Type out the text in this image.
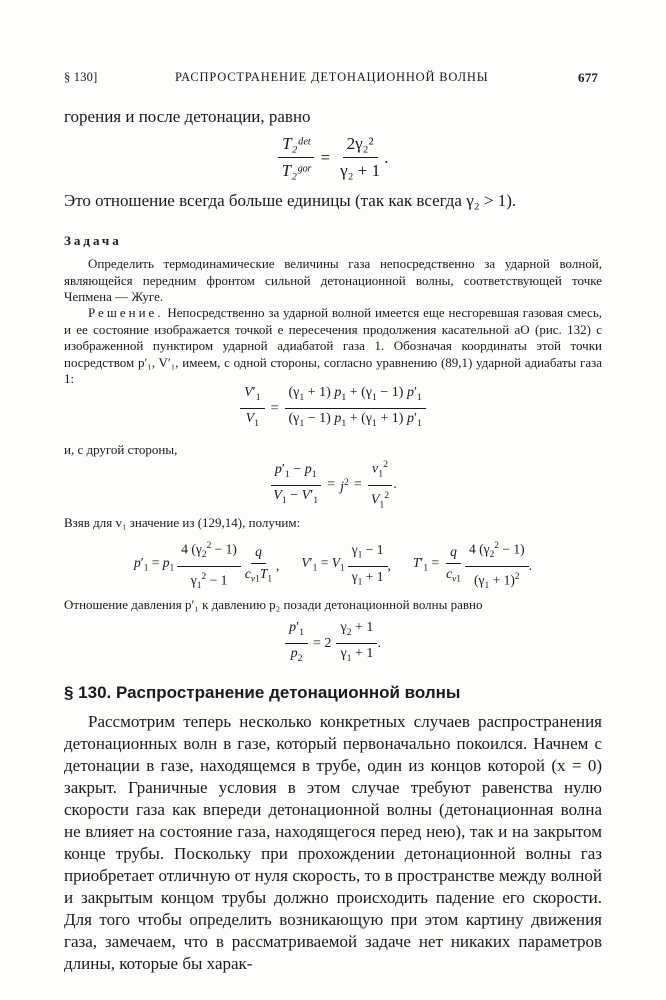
§ 130]	РАСПРОСТРАНЕНИЕ ДЕТОНАЦИОННОЙ ВОЛНЫ	677
горения и после детонации, равно
$\frac{\text{T₂ᵈᵉᵗ}}{\text{T₂ᵍᵒʳ}} = \frac{\text{2γ₂²}}{\text{γ₂ + 1}}$ .
Это отношение всегда больше единицы (так как всегда γ₂ > 1).
Задача
Определить термодинамические величины газа непосредственно за ударной волной, являющейся передним фронтом сильной детонационной волны, соответствующей точке Чепмена — Жуге.
Решение. Непосредственно за ударной волной имеется еще несгоревшая газовая смесь, и ее состояние изображается точкой e пересечения продолжения касательной aO (рис. 132) с изображенной пунктиром ударной адиабатой газа 1. Обозначая координаты этой точки посредством p′₁, V′₁, имеем, с одной стороны, согласно уравнению (89,1) ударной адиабаты газа 1:
$\frac{V'_1}{V_1} = \frac{(\gamma_1 + 1) p_1 + (\gamma_1 - 1) p'_1}{(\gamma_1 - 1) p_1 + (\gamma_1 + 1) p'_1}$
и, с другой стороны,
$\frac{p'_1 - p_1}{V_1 - V'_1} = j^2 = \frac{v_1^2}{V_1^2}$ .
Взяв для v₁ значение из (129,14), получим:
$p'_1 = p_1 \frac{4 (\gamma_2^2 - 1)}{\gamma_1^2 - 1} \frac{q}{c_{v1}T_1}$ , $V'_1 = V_1 \frac{\gamma_1 - 1}{\gamma_1 + 1}$ , $T'_1 = \frac{q}{c_{v1}} \frac{4 (\gamma_2^2 - 1)}{(\gamma_1 + 1)^2}$ .
Отношение давления p′₁ к давлению p₂ позади детонационной волны равно
$\frac{p'_1}{p_2} = 2 \frac{\gamma_2 + 1}{\gamma_1 + 1}$ .
§ 130. Распространение детонационной волны
Рассмотрим теперь несколько конкретных случаев распространения детонационных волн в газе, который первоначально покоился. Начнем с детонации в газе, находящемся в трубе, один из концов которой (x = 0) закрыт. Граничные условия в этом случае требуют равенства нулю скорости газа как впереди детонационной волны (детонационная волна не влияет на состояние газа, находящегося перед нею), так и на закрытом конце трубы. Поскольку при прохождении детонационной волны газ приобретает отличную от нуля скорость, то в пространстве между волной и закрытым концом трубы должно происходить падение его скорости. Для того чтобы определить возникающую при этом картину движения газа, замечаем, что в рассматриваемой задаче нет никаких параметров длины, которые бы харак-
